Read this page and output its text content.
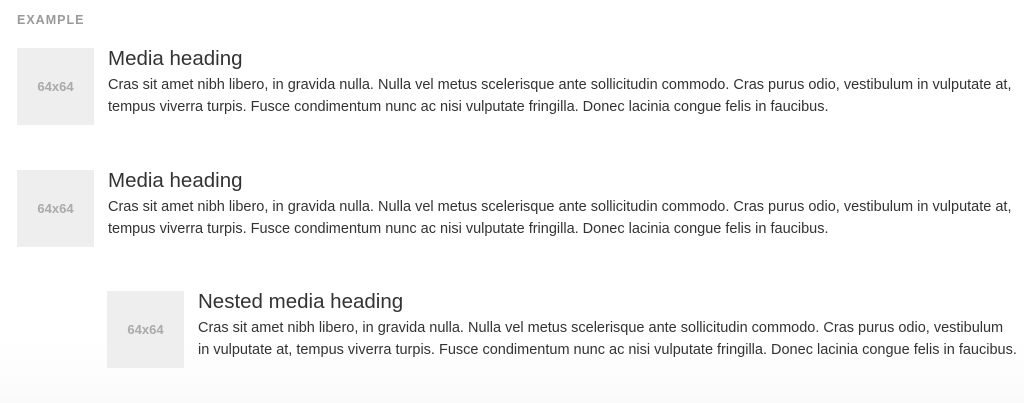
EXAMPLE
64x64
Media heading

Cras sit amet nibh libero, in gravida nulla. Nulla vel metus scelerisque ante sollicitudin commodo. Cras purus odio, vestibulum in vulputate at, tempus viverra turpis. Fusce condimentum nunc ac nisi vulputate fringilla. Donec lacinia congue felis in faucibus.

64x64
Media heading

Cras sit amet nibh libero, in gravida nulla. Nulla vel metus scelerisque ante sollicitudin commodo. Cras purus odio, vestibulum in vulputate at, tempus viverra turpis. Fusce condimentum nunc ac nisi vulputate fringilla. Donec lacinia congue felis in faucibus.

64x64
Nested media heading

Cras sit amet nibh libero, in gravida nulla. Nulla vel metus scelerisque ante sollicitudin commodo. Cras purus odio, vestibulum in vulputate at, tempus viverra turpis. Fusce condimentum nunc ac nisi vulputate fringilla. Donec lacinia congue felis in faucibus.
